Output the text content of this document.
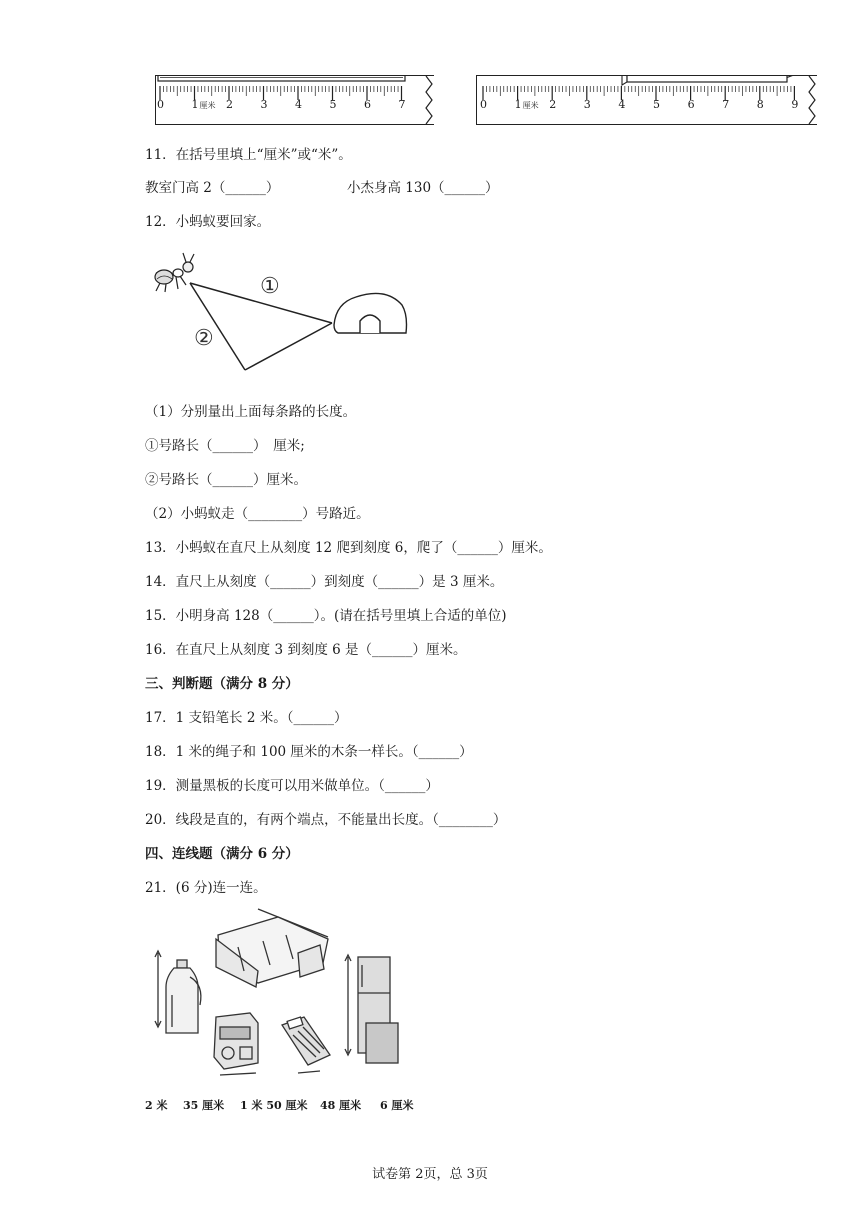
0	1 厘米 2	3	4	5	6	7	0	1 厘米 2	3	4	5	6	7	8	9
11．在括号里填上“厘米”或“米”。
教室门高 2（______）	小杰身高 130（______）
12．小蚂蚁要回家。
①
②
（1）分别量出上面每条路的长度。
①号路长（______）　厘米;
②号路长（______）厘米。
（2）小蚂蚁走（________）号路近。
13．小蚂蚁在直尺上从刻度 12 爬到刻度 6，爬了（______）厘米。
14．直尺上从刻度（______）到刻度（______）是 3 厘米。
15．小明身高 128（______）。(请在括号里填上合适的单位)
16．在直尺上从刻度 3 到刻度 6 是（______）厘米。
三、判断题（满分 8 分）
17．1 支铅笔长 2 米。（______）
18．1 米的绳子和 100 厘米的木条一样长。（______）
19．测量黑板的长度可以用米做单位。（______）
20．线段是直的，有两个端点，不能量出长度。（________）
四、连线题（满分 6 分）
21．(6 分)连一连。
2 米 35 厘米 1 米 50 厘米 48 厘米 6 厘米
试卷第 2页，总 3页
